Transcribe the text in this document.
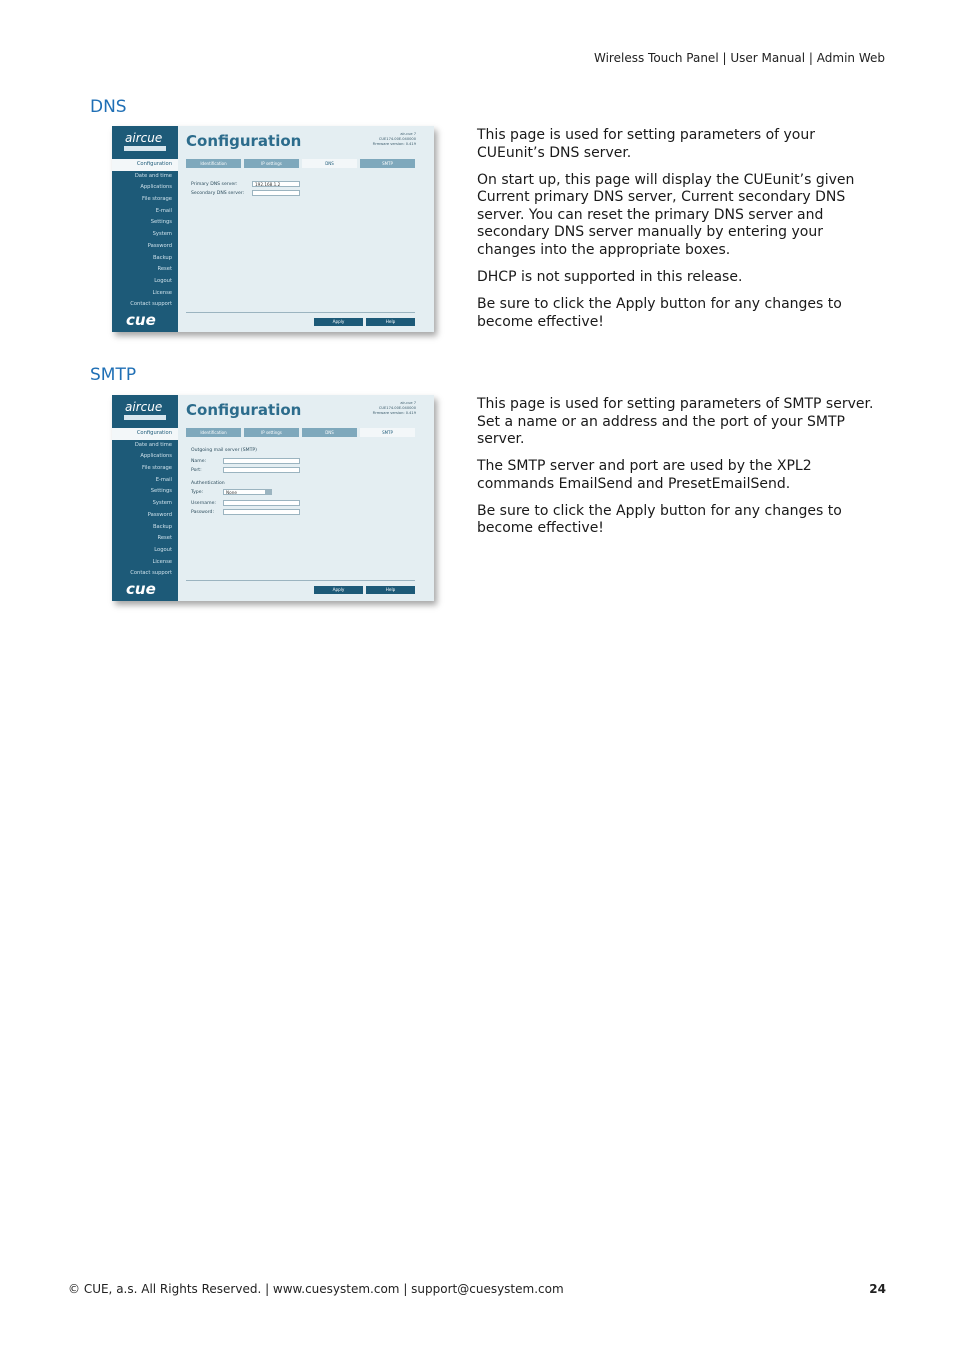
Wireless Touch Panel | User Manual | Admin Web
DNS
aircue
Configuration
Date and time
Applications
File storage
E-mail
Settings
System
Password
Backup
Reset
Logout
License
Contact support
cue
Configuration	air-cue 7
CUE174.00E.040000
Firmware version: 0.419
Identification	IP settings	DNS	SMTP
Primary DNS server:	192.168.1.2
Secondary DNS server:
Apply	Help

This page is used for setting parameters of your CUEunit’s DNS server.

On start up, this page will display the CUEunit’s given Current primary DNS server, Current secondary DNS server. You can reset the primary DNS server and secondary DNS server manually by entering your changes into the appropriate boxes.

DHCP is not supported in this release.

Be sure to click the Apply button for any changes to become effective!

SMTP
aircue
Configuration
Date and time
Applications
File storage
E-mail
Settings
System
Password
Backup
Reset
Logout
License
Contact support
cue
Configuration	air-cue 7
CUE174.00E.040000
Firmware version: 0.419
Identification	IP settings	DNS	SMTP
Outgoing mail server (SMTP)
Name:
Port:
Authentication
Type:	None
Username:
Password:
Apply	Help

This page is used for setting parameters of SMTP server. Set a name or an address and the port of your SMTP server.

The SMTP server and port are used by the XPL2 commands EmailSend and PresetEmailSend.

Be sure to click the Apply button for any changes to become effective!

© CUE, a.s. All Rights Reserved. | www.cuesystem.com | support@cuesystem.com	24
